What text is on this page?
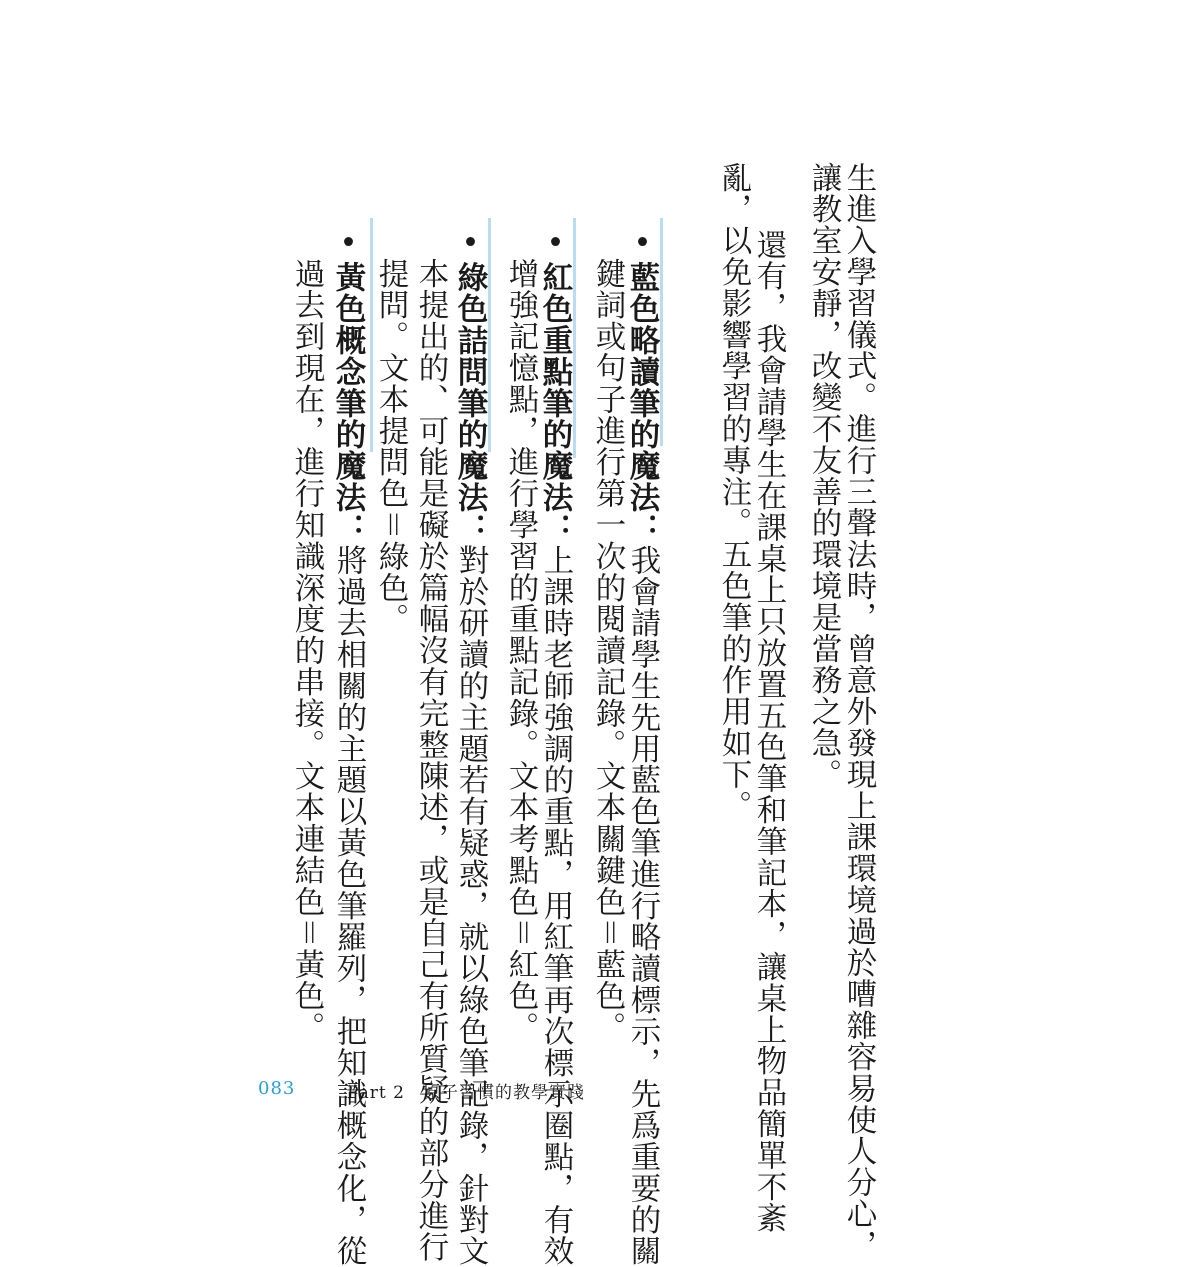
生進入學習儀式。進行三聲法時，曾意外發現上課環境過於嘈雜容易使人分心，
讓教室安靜，改變不友善的環境是當務之急。
還有，我會請學生在課桌上只放置五色筆和筆記本，讓桌上物品簡單不紊
亂，以免影響學習的專注。五色筆的作用如下。
•藍色略讀筆的魔法：我會請學生先用藍色筆進行略讀標示，先爲重要的關
鍵詞或句子進行第一次的閱讀記錄。文本關鍵色＝藍色。
•紅色重點筆的魔法：上課時老師強調的重點，用紅筆再次標示圈點，有效
增強記憶點，進行學習的重點記錄。文本考點色＝紅色。
•綠色詰問筆的魔法：對於研讀的主題若有疑惑，就以綠色筆記錄，針對文
本提出的、可能是礙於篇幅沒有完整陳述，或是自己有所質疑的部分進行
提問。文本提問色＝綠色。
•黃色概念筆的魔法：將過去相關的主題以黃色筆羅列，把知識概念化，從
過去到現在，進行知識深度的串接。文本連結色＝黃色。
083	Part 2　原子習慣的教學實踐
